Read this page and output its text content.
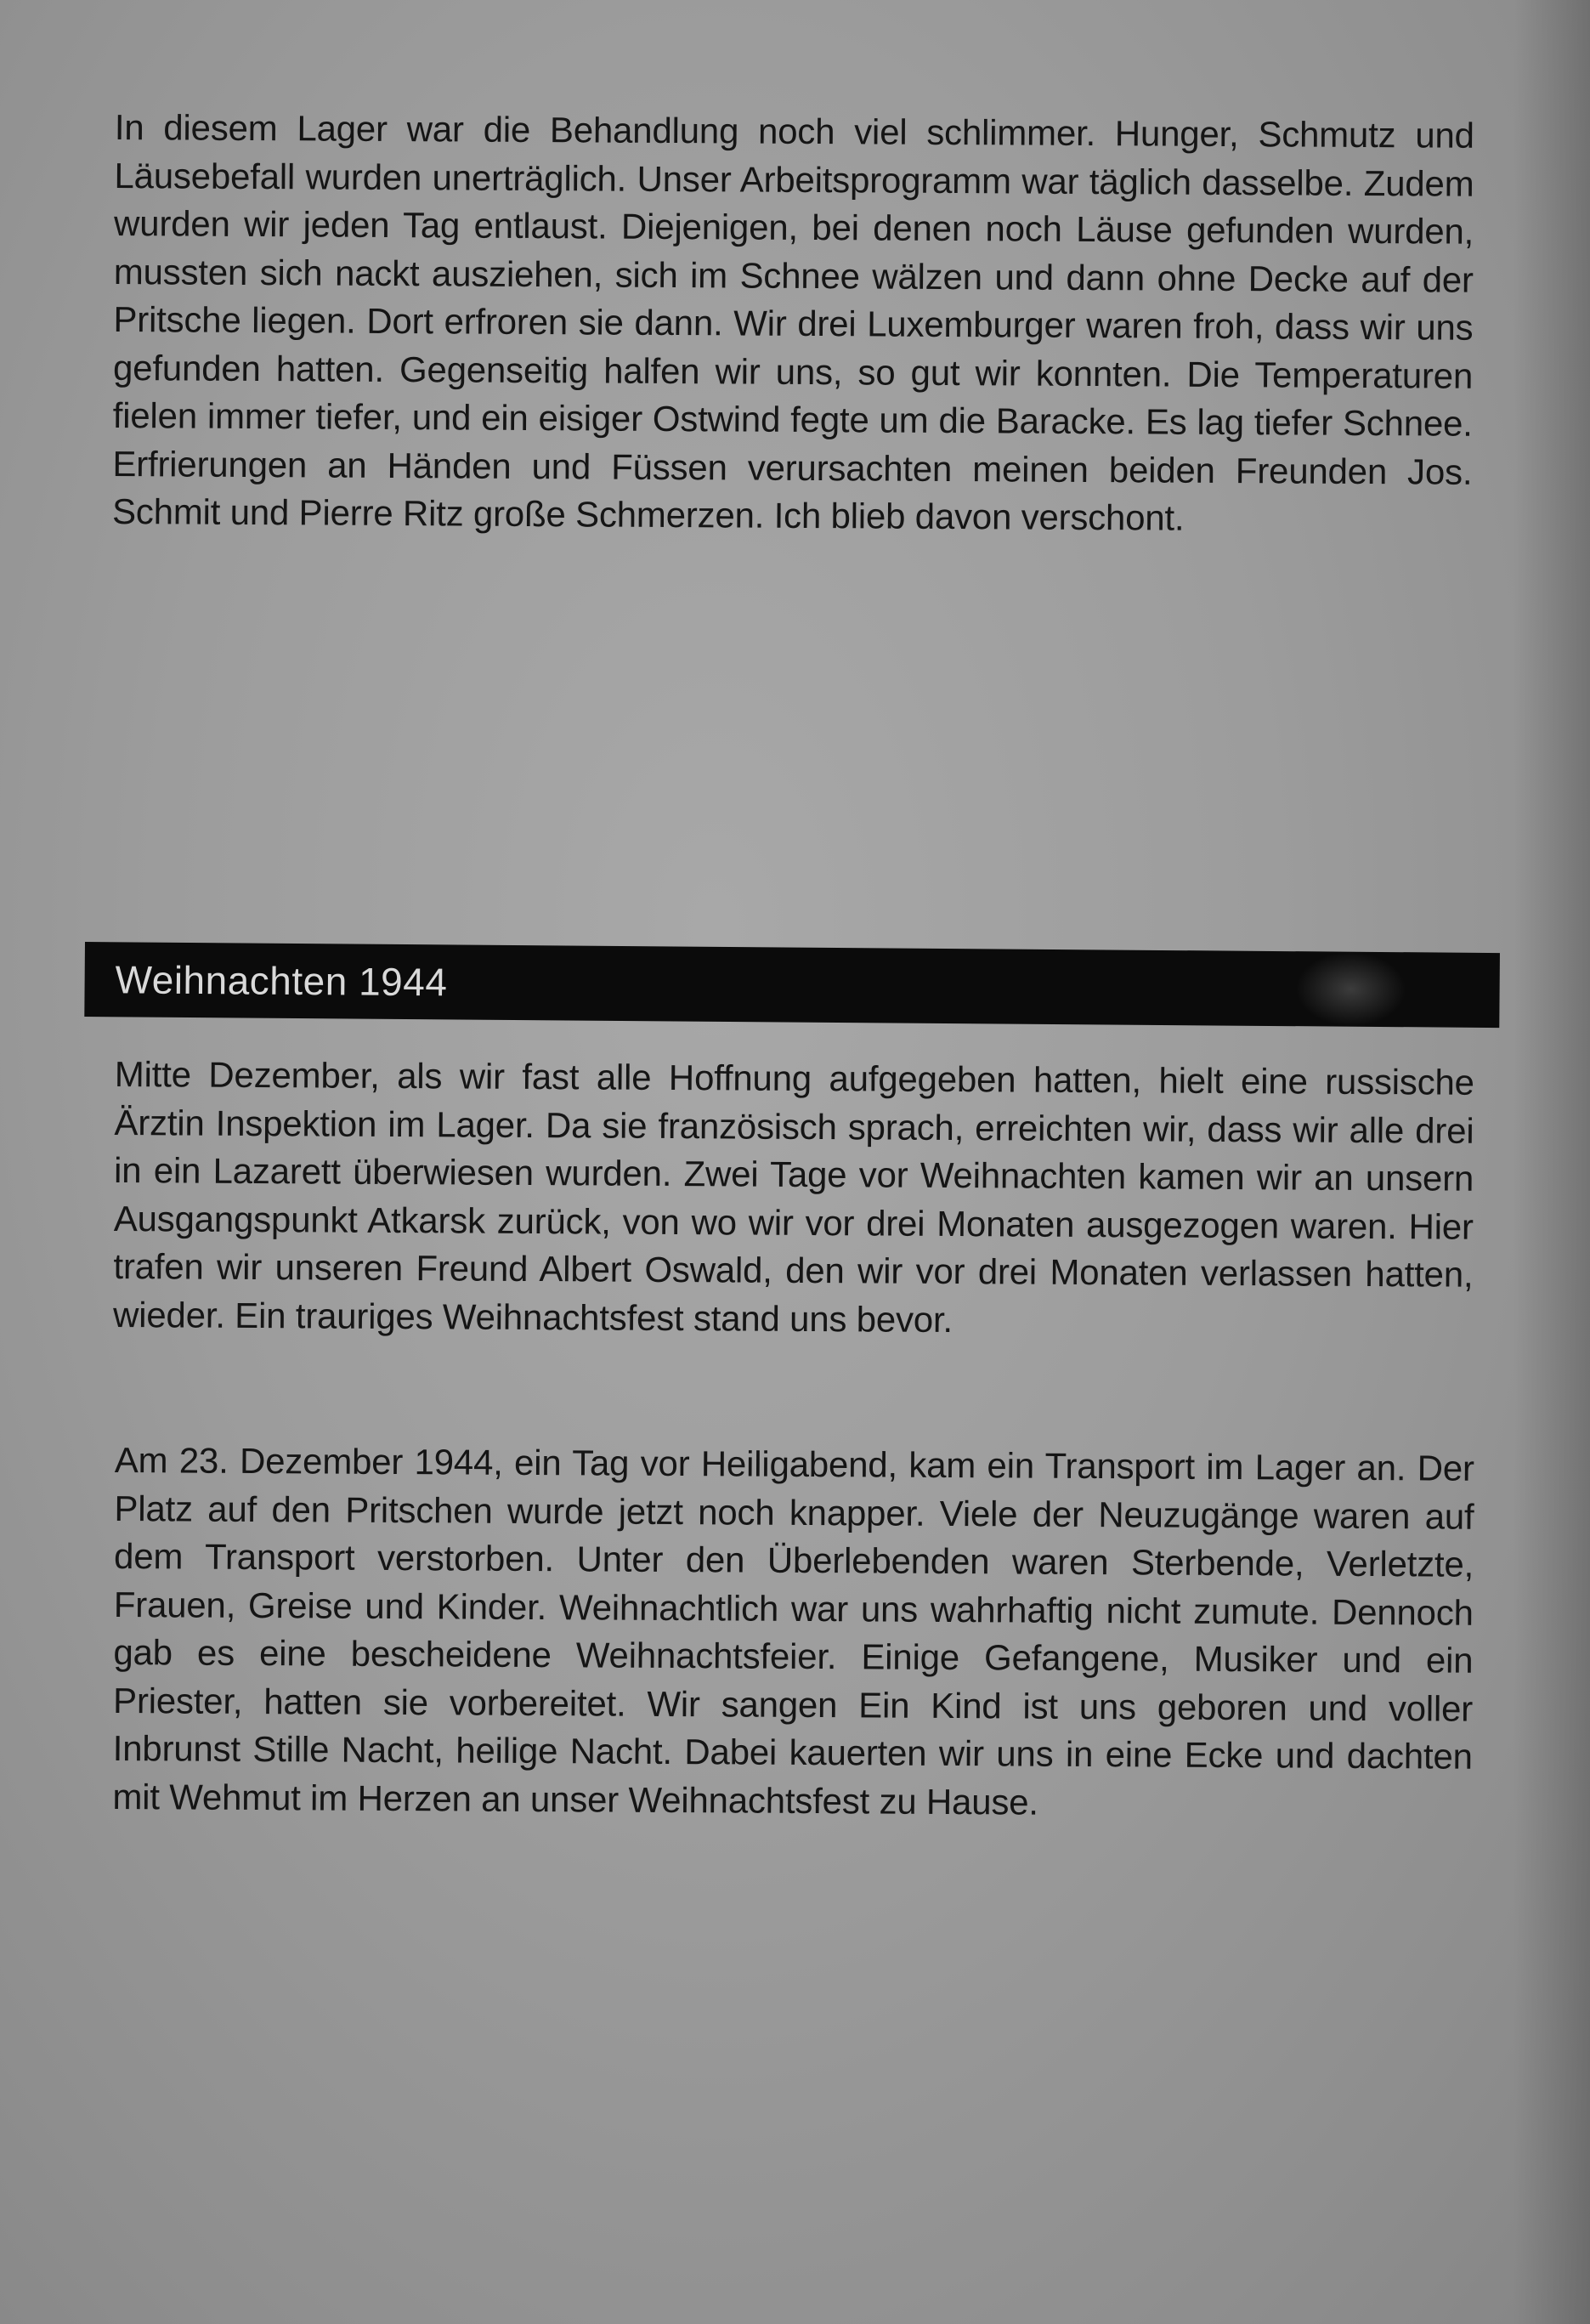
In diesem Lager war die Behandlung noch viel schlimmer. Hunger, Schmutz und Läusebefall wurden unerträglich. Unser Arbeitsprogramm war täglich dasselbe. Zudem wurden wir jeden Tag entlaust. Diejenigen, bei denen noch Läuse gefunden wurden, mussten sich nackt ausziehen, sich im Schnee wälzen und dann ohne Decke auf der Pritsche liegen. Dort erfroren sie dann. Wir drei Luxemburger waren froh, dass wir uns gefunden hatten. Gegenseitig halfen wir uns, so gut wir konnten. Die Temperaturen fielen immer tiefer, und ein eisiger Ostwind fegte um die Baracke. Es lag tiefer Schnee. Erfrierungen an Händen und Füssen verursachten meinen beiden Freunden Jos. Schmit und Pierre Ritz große Schmerzen. Ich blieb davon verschont.

Weihnachten 1944

Mitte Dezember, als wir fast alle Hoffnung aufgegeben hatten, hielt eine russische Ärztin Inspektion im Lager. Da sie französisch sprach, erreichten wir, dass wir alle drei in ein Lazarett überwiesen wurden. Zwei Tage vor Weihnachten kamen wir an unsern Ausgangspunkt Atkarsk zurück, von wo wir vor drei Monaten ausgezogen waren. Hier trafen wir unseren Freund Albert Oswald, den wir vor drei Monaten verlassen hatten, wieder. Ein trauriges Weihnachtsfest stand uns bevor.

Am 23. Dezember 1944, ein Tag vor Heiligabend, kam ein Transport im Lager an. Der Platz auf den Pritschen wurde jetzt noch knapper. Viele der Neuzugänge waren auf dem Transport verstorben. Unter den Überlebenden waren Sterbende, Verletzte, Frauen, Greise und Kinder. Weihnachtlich war uns wahrhaftig nicht zumute. Dennoch gab es eine bescheidene Weihnachtsfeier. Einige Gefangene, Musiker und ein Priester, hatten sie vorbereitet. Wir sangen Ein Kind ist uns geboren und voller Inbrunst Stille Nacht, heilige Nacht. Dabei kauerten wir uns in eine Ecke und dachten mit Wehmut im Herzen an unser Weihnachtsfest zu Hause.
